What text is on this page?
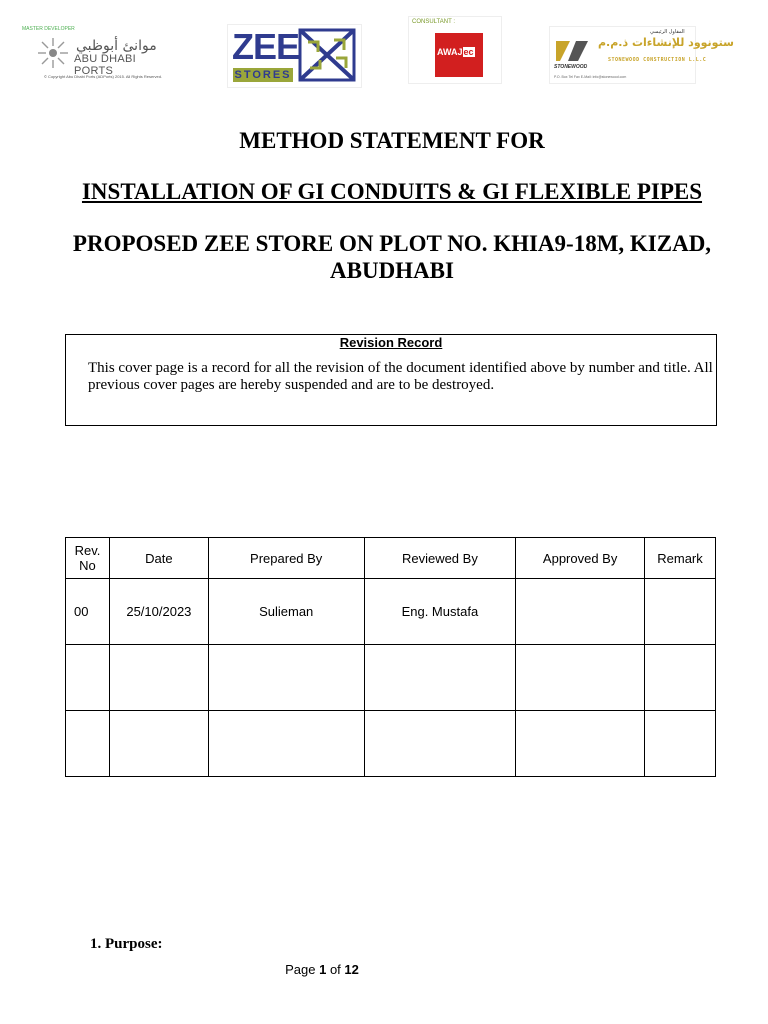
MASTER DEVELOPER
موانئ أبوظبي
ABU DHABI PORTS
© Copyright Abu Dhabi Ports (ADPorts) 2015. All Rights Reserved.
ZEE
STORES
CONSULTANT :
AWAJec
STONEWOOD
المقاول الرئيسي
ستونوود للإنشاءات ذ.م.م
STONEWOOD CONSTRUCTION L.L.C
P.O. Box Tel Fax E-Mail: info@stonewood.com
METHOD STATEMENT FOR
INSTALLATION OF GI CONDUITS & GI FLEXIBLE PIPES
PROPOSED ZEE STORE ON PLOT NO. KHIA9-18M, KIZAD, ABUDHABI
Revision Record
This cover page is a record for all the revision of the document identified above by number and title. All previous cover pages are hereby suspended and are to be destroyed.
Rev. No	Date	Prepared By	Reviewed By	Approved By	Remark
00	25/10/2023	Sulieman	Eng. Mustafa		

1. Purpose:
Page 1 of 12
